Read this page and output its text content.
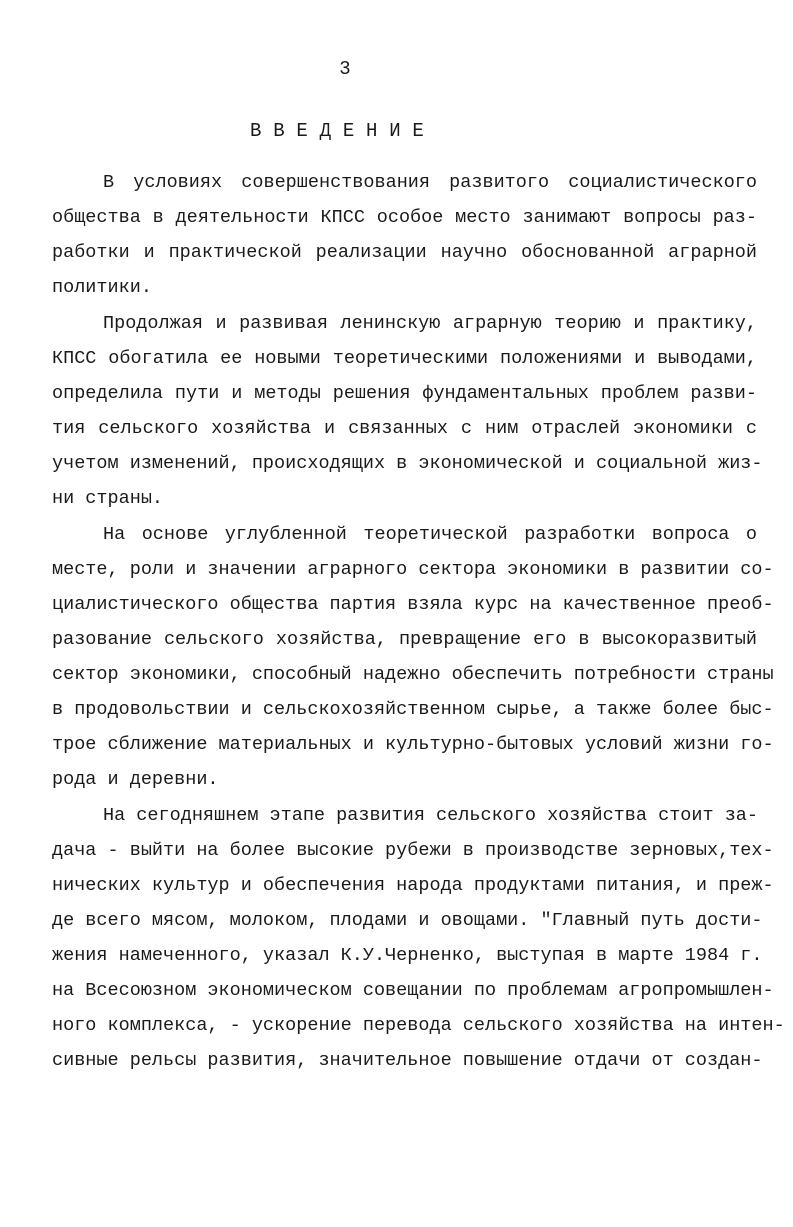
3
В В Е Д Е Н И Е
В условиях совершенствования развитого социалистического
общества в деятельности КПСС особое место занимают вопросы раз-
работки и практической реализации научно обоснованной аграрной
политики.
Продолжая и развивая ленинскую аграрную теорию и практику,
КПСС обогатила ее новыми теоретическими положениями и выводами,
определила пути и методы решения фундаментальных проблем разви-
тия сельского хозяйства и связанных с ним отраслей экономики с
учетом изменений, происходящих в экономической и социальной жиз-
ни страны.
На основе углубленной теоретической разработки вопроса о
месте, роли и значении аграрного сектора экономики в развитии со-
циалистического общества партия взяла курс на качественное преоб-
разование сельского хозяйства, превращение его в высокоразвитый
сектор экономики, способный надежно обеспечить потребности страны
в продовольствии и сельскохозяйственном сырье, а также более быс-
трое сближение материальных и культурно-бытовых условий жизни го-
рода и деревни.
На сегодняшнем этапе развития сельского хозяйства стоит за-
дача - выйти на более высокие рубежи в производстве зерновых,тех-
нических культур и обеспечения народа продуктами питания, и преж-
де всего мясом, молоком, плодами и овощами. "Главный путь дости-
жения намеченного, указал К.У.Черненко, выступая в марте 1984 г.
на Всесоюзном экономическом совещании по проблемам агропромышлен-
ного комплекса, - ускорение перевода сельского хозяйства на интен-
сивные рельсы развития, значительное повышение отдачи от создан-
